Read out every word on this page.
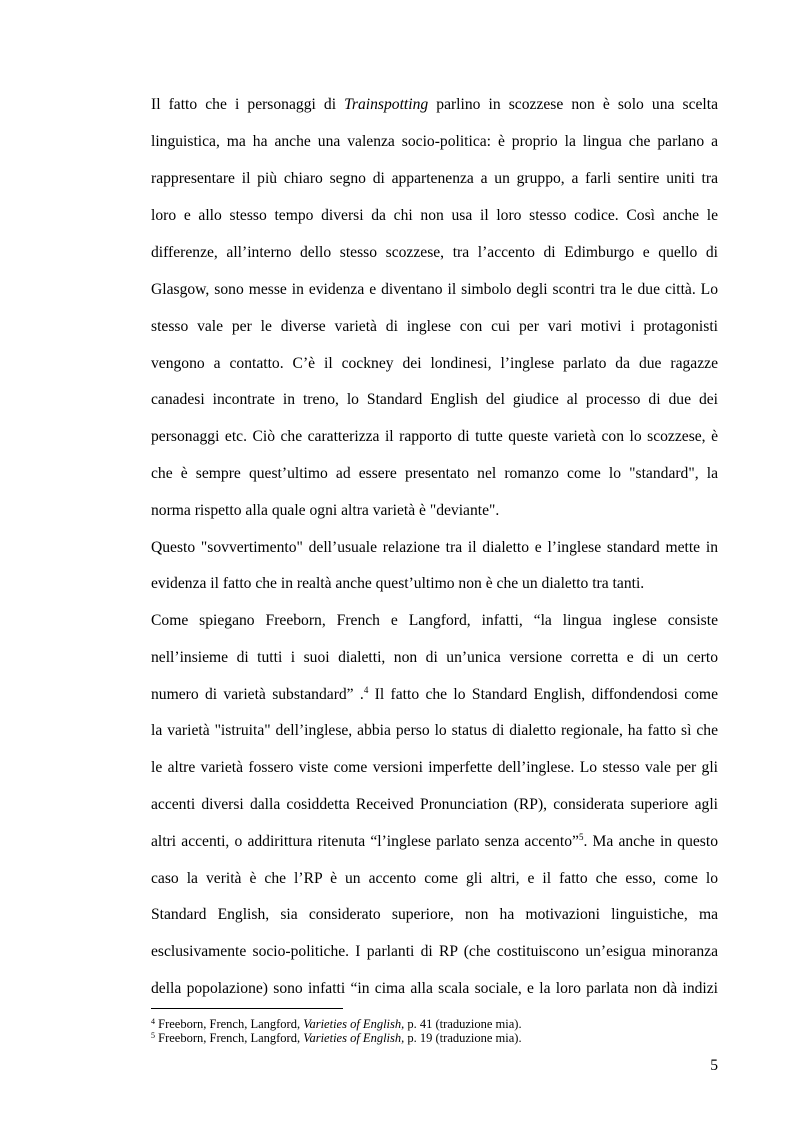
Il fatto che i personaggi di Trainspotting parlino in scozzese non è solo una scelta
linguistica, ma ha anche una valenza socio-politica: è proprio la lingua che parlano a
rappresentare il più chiaro segno di appartenenza a un gruppo, a farli sentire uniti tra
loro e allo stesso tempo diversi da chi non usa il loro stesso codice. Così anche le
differenze, all’interno dello stesso scozzese, tra l’accento di Edimburgo e quello di
Glasgow, sono messe in evidenza e diventano il simbolo degli scontri tra le due città. Lo
stesso vale per le diverse varietà di inglese con cui per vari motivi i protagonisti
vengono a contatto. C’è il cockney dei londinesi, l’inglese parlato da due ragazze
canadesi incontrate in treno, lo Standard English del giudice al processo di due dei
personaggi etc. Ciò che caratterizza il rapporto di tutte queste varietà con lo scozzese, è
che è sempre quest’ultimo ad essere presentato nel romanzo come lo "standard", la
norma rispetto alla quale ogni altra varietà è "deviante".
Questo "sovvertimento" dell’usuale relazione tra il dialetto e l’inglese standard mette in
evidenza il fatto che in realtà anche quest’ultimo non è che un dialetto tra tanti.
Come spiegano Freeborn, French e Langford, infatti, “la lingua inglese consiste
nell’insieme di tutti i suoi dialetti, non di un’unica versione corretta e di un certo
numero di varietà substandard” .$^4$ Il fatto che lo Standard English, diffondendosi come
la varietà "istruita" dell’inglese, abbia perso lo status di dialetto regionale, ha fatto sì che
le altre varietà fossero viste come versioni imperfette dell’inglese. Lo stesso vale per gli
accenti diversi dalla cosiddetta Received Pronunciation (RP), considerata superiore agli
altri accenti, o addirittura ritenuta “l’inglese parlato senza accento”$^5$. Ma anche in questo
caso la verità è che l’RP è un accento come gli altri, e il fatto che esso, come lo
Standard English, sia considerato superiore, non ha motivazioni linguistiche, ma
esclusivamente socio-politiche. I parlanti di RP (che costituiscono un’esigua minoranza
della popolazione) sono infatti “in cima alla scala sociale, e la loro parlata non dà indizi
$^4$ Freeborn, French, Langford, Varieties of English, p. 41 (traduzione mia).
$^5$ Freeborn, French, Langford, Varieties of English, p. 19 (traduzione mia).
5
